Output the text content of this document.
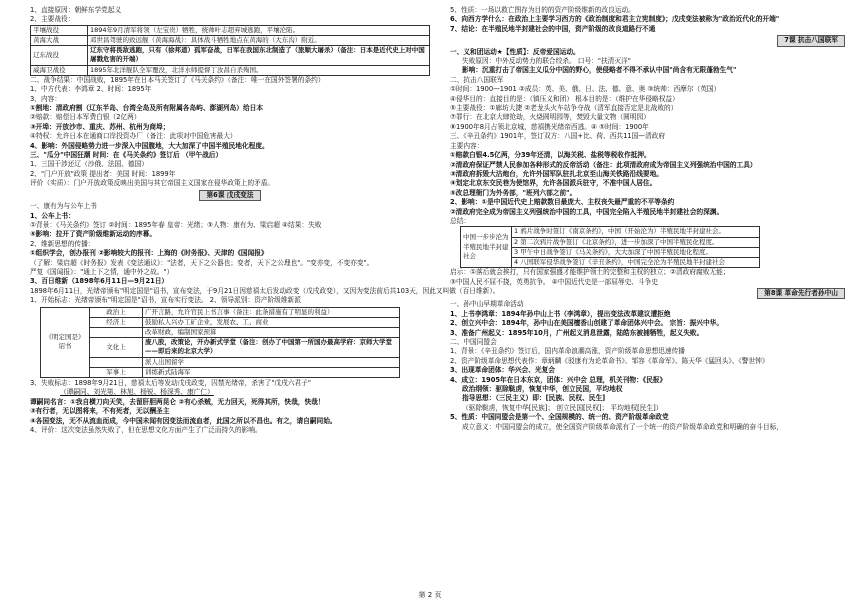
1、直接原因：朝鲜东学党起义
2、主要战役：
平壤战役	1894年9月清军将领（左宝贵）牺牲，统帅叶志超弃城逃跑，平壤沦陷。
黄海大战	邓世昌驾驶的致远舰（黄海海战）：具体战斗牺牲地点在黄海的（大东沟）附近。
辽东战役	辽东守将畏敌逃跑，只有（徐邦道）孤军奋战，日军在我国东北制造了（旅顺大屠杀）（备注：日本是近代史上对中国屠戮危害的开端）
威海卫战役	1895年北洋舰队全军覆没，北洋水师提督丁汝昌自杀殉国。
二、战争结果：中国战败，1895年在日本马关签订了《马关条约》（备注：唯一在国外签署的条约）
1、中方代表：李鸿章 2、时间：1895年
3、内容：
①割地：清政府割（辽东半岛、台湾全岛及所有附属各岛屿、澎湖列岛）给日本
②赔款：赔偿日本军费白银（2亿两）
③开埠：开放沙市、重庆、苏州、杭州为商埠；
④特权：允许日本在通商口岸投资办厂（备注：此项对中国危害最大）
4、影响：外国侵略势力进一步深入中国腹地，大大加深了中国半殖民地化程度。
三、"瓜分"中国狂潮 时间：在《马关条约》签订后 （甲午战后）
1、三国干涉还辽（沙俄、法国、德国）
2、"门户开放"政策 提出者：美国 时间：1899年
评价（实质）：门户开放政策反映出美国与其它帝国主义国家在侵华政策上的矛盾。
第6课 戊戌变法
一、康有为与公车上书
1、公车上书：
①背景：《马关条约》签订 ②时间：1895年春 皇帝：光绪；③人物：康有为、梁启超 ④结果：失败
⑤影响：拉开了资产阶级维新运动的序幕。
2、维新思想的传播：
①组织学会，创办报刊 ②影响较大的报刊：上海的《时务报》、天津的《国闻报》
（了解：梁启超《时务报》发表《变法通议》："法者，天下之公器也；变者，天下之公理也"。"变亦变，不变亦变"。
严复《国闻报》："通上下之情，通中外之故。"）
3、百日维新（1898年6月11日—9月21日）
1898年6月11日，光绪帝颁布"明定国是"诏书，宣布变法，于9月21日因慈禧太后发动政变（戊戌政变），又因为变法前后共103天，因此又叫做（百日维新）。
1、开始标志：光绪帝颁布"明定国是"诏书，宣布实行变法。 2、领导派别：资产阶级维新派
《明定国是》诏书	政治上	广开言路，允许官民上书言事（备注：此条措施有了明显的利益）
	经济上	鼓励私人兴办工矿企业，发展农、工、商业
		改革财政，编制国家预算
	文化上	废八股，改策论，开办新式学堂（备注：创办了中国第一所国办最高学府：京师大学堂——即后来的北京大学）
		派人出国留学
	军事上	训练新式陆海军
3、失败标志：1898年9月21日，慈禧太后等发动戊戌政变，囚禁光绪帝，杀害了"戊戌六君子"
（谭嗣同、刘光第、林旭、杨锐、杨深秀、康广仁）
谭嗣同名言：①我自横刀向天笑，去留肝胆两昆仑 ②有心杀贼，无力回天，死得其所，快哉，快哉！
③有行者，无以图将来，不有死者，无以酬圣主
④各国变法，无不从流血而成，今中国未闻有因变法而流血者，此国之所以不昌也。有之，请自嗣同始。
4、评价：这次变法虽然失败了，但在思想文化方面产生了广泛而持久的影响。
5、性质：一场以救亡图存为目的的资产阶级维新的改良运动。
6、向西方学什么：在政治上主要学习西方的《政治制度和君主立宪制度》；戊戌变法被称为"政治近代化的开端"
7、结论：在半殖民地半封建社会的中国，资产阶级的改良道路行不通
7课 抗击八国联军
一、义和团运动★【性质】：反帝爱国运动。
失败原因：中外反动势力的联合绞杀。 口号："扶清灭洋"
影响：沉重打击了帝国主义瓜分中国的野心，使侵略者不得不承认中国"尚含有无限蓬勃生气"
二、抗击八国联军
①时间：1900—1901 ②成员：英、美、俄、日、法、德、意、奥 ③统帅：西摩尔（英国）
④侵华目的：直接目的是：（镇压义和团） 根本目的是：（维护在华侵略权益）
⑤主要战役：①廊坊大捷 ②老龙头火车站争夺战（清军直接否定是北战败的）
⑦罪行：在北京大肆抢劫，火烧圆明园等，焚毁大量文物（圆明园）
⑧1900年8月占领北京城，慈禧携光绪帝西逃。④ ⑤时间：1900年
三、《辛丑条约》1901年，签订双方：八国+比、荷、西共11国—清政府
主要内容：
①赔款白银4.5亿两，分39年还清，以海关税、盐税等税收作抵押。
②清政府保证严禁人民参加各种形式的反帝活动（备注：此项清政府成为帝国主义列强统治中国的工具）
③清政府拆毁大沽炮台，允许外国军队驻扎北京至山海关铁路沿线要地。
④划定北京东交民巷为使馆界，允许各国派兵驻守，不准中国人居住。
⑤改总理衙门为外务部，"班列六部之前"。
2、影响：①是中国近代史上赔款数目最庞大、主权丧失最严重的不平等条约
②清政府完全成为帝国主义列强统治中国的工具，中国完全陷入半殖民地半封建社会的深渊。
总结：
中国一步步沦为半殖民地半封建社会	1 鸦片战争时签订《南京条约》，中国（开始沦为）半殖民地半封建社会。
2 第二次鸦片战争签订《北京条约》，进一步加深了中国半殖民化程度。
3 甲午中日战争签订《马关条约》，大大加深了中国半殖民地化程度。
4 八国联军侵华战争签订《辛丑条约》，中国完全沦为半殖民地半封建社会
启示：①落后就会挨打，只有国家强盛才能维护领土的完整和主权的独立；②清政府腐败无能；
③中国人民不屈不挠，英勇抗争。 ④中国近代史是一部屈辱史、斗争史
第8课 革命先行者孙中山
一、孙中山早期革命活动
1、上书李鸿章：1894年孙中山上书（李鸿章），提出变法改革建议遭拒绝
2、创立兴中会：1894年，孙中山在美国檀香山创建了革命团体兴中会。 宗旨：振兴中华。
3、准备广州起义：1895年10月，广州起义消息泄露，陆皓东被捕牺牲，起义失败。
二、中国同盟会
1、背景：《辛丑条约》签订后，国内革命浪潮高涨，资产阶级革命思想迅速传播
2、资产阶级革命思想代表作：章炳麟《驳康有为论革命书》、邹容《革命军》、陈天华《猛回头》、《警世钟》
3、出现革命团体：华兴会、光复会
4、成立：1905年在日本东京，团体：兴中会 总理，机关刊物：《民报》
政治纲领：驱除鞑虏，恢复中华，创立民国，平均地权
指导思想：（三民主义）即：[民族、民权、民生]
（驱除鞑虏，恢复中华[民族]； 创立民国[民权]； 平均地权[民生]）
5、性质：中国同盟会是第一个、全国规模的、统一的、资产阶级革命政党
成立意义：中国同盟会的成立，使全国资产阶级革命派有了一个统一的资产阶级革命政党和明确的奋斗目标，
第 2 页
